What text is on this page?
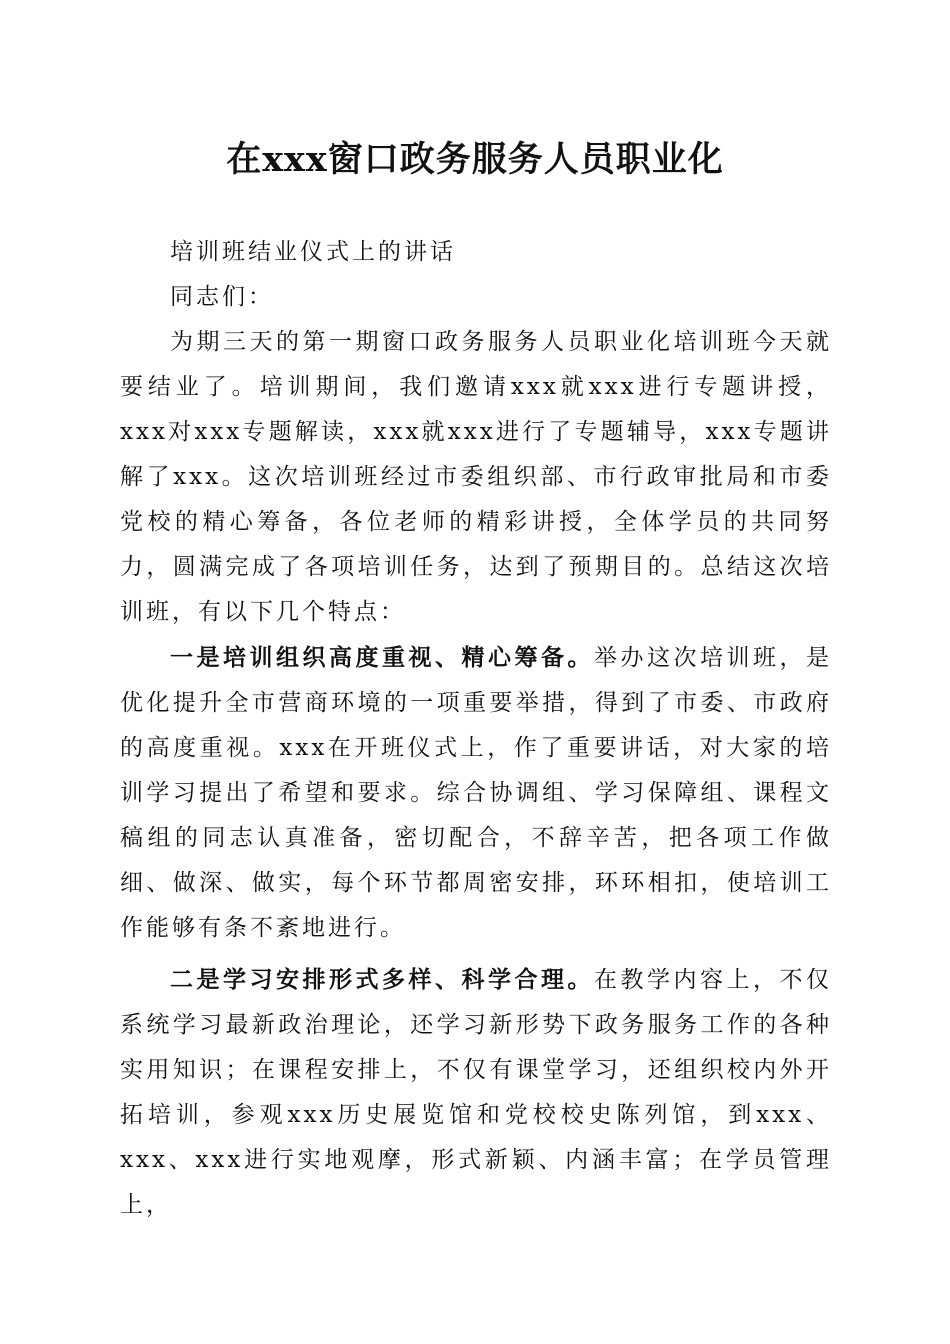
在xxx窗口政务服务人员职业化

培训班结业仪式上的讲话

同志们：

为期三天的第一期窗口政务服务人员职业化培训班今天就要结业了。培训期间，我们邀请xxx就xxx进行专题讲授，xxx对xxx专题解读，xxx就xxx进行了专题辅导，xxx专题讲解了xxx。这次培训班经过市委组织部、市行政审批局和市委党校的精心筹备，各位老师的精彩讲授，全体学员的共同努力，圆满完成了各项培训任务，达到了预期目的。总结这次培训班，有以下几个特点：

一是培训组织高度重视、精心筹备。举办这次培训班，是优化提升全市营商环境的一项重要举措，得到了市委、市政府的高度重视。xxx在开班仪式上，作了重要讲话，对大家的培训学习提出了希望和要求。综合协调组、学习保障组、课程文稿组的同志认真准备，密切配合，不辞辛苦，把各项工作做细、做深、做实，每个环节都周密安排，环环相扣，使培训工作能够有条不紊地进行。

二是学习安排形式多样、科学合理。在教学内容上，不仅系统学习最新政治理论，还学习新形势下政务服务工作的各种实用知识；在课程安排上，不仅有课堂学习，还组织校内外开拓培训，参观xxx历史展览馆和党校校史陈列馆，到xxx、xxx、xxx进行实地观摩，形式新颖、内涵丰富；在学员管理上，
